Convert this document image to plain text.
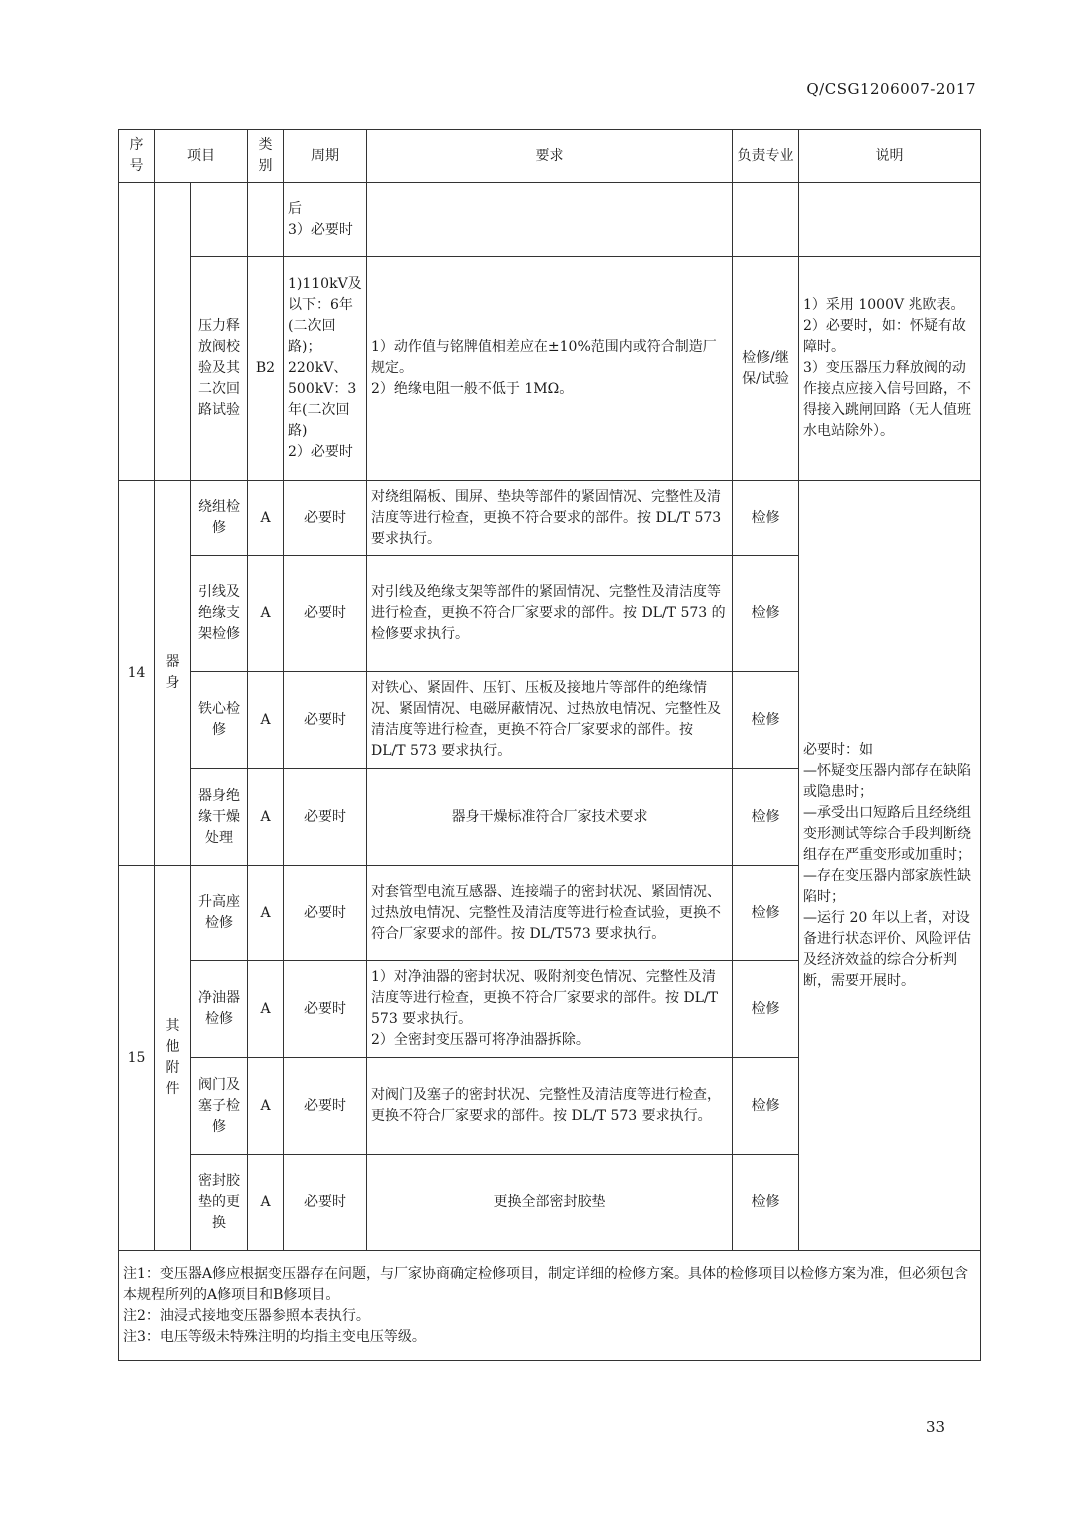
Q/CSG1206007-2017
序号	项目		类别	周期	要求	负责专业	说明
				后
3）必要时			
		压力释放阀校验及其二次回路试验	B2	1)110kV及以下：6年(二次回路)；220kV、500kV：3年(二次回路)
2）必要时	1）动作值与铭牌值相差应在±10%范围内或符合制造厂规定。
2）绝缘电阻一般不低于 1MΩ。	检修/继保/试验	1）采用 1000V 兆欧表。
2）必要时，如：怀疑有故障时。
3）变压器压力释放阀的动作接点应接入信号回路，不得接入跳闸回路（无人值班水电站除外）。
14	器身	绕组检修	A	必要时	对绕组隔板、围屏、垫块等部件的紧固情况、完整性及清洁度等进行检查，更换不符合要求的部件。按 DL/T 573 要求执行。	检修	必要时：如
—怀疑变压器内部存在缺陷或隐患时；
—承受出口短路后且经绕组变形测试等综合手段判断绕组存在严重变形或加重时；
—存在变压器内部家族性缺陷时；
—运行 20 年以上者，对设备进行状态评价、风险评估及经济效益的综合分析判断，需要开展时。
		引线及绝缘支架检修	A	必要时	对引线及绝缘支架等部件的紧固情况、完整性及清洁度等进行检查，更换不符合厂家要求的部件。按 DL/T 573 的检修要求执行。	检修	
		铁心检修	A	必要时	对铁心、紧固件、压钉、压板及接地片等部件的绝缘情况、紧固情况、电磁屏蔽情况、过热放电情况、完整性及清洁度等进行检查，更换不符合厂家要求的部件。按 DL/T 573 要求执行。	检修	
		器身绝缘干燥处理	A	必要时	器身干燥标准符合厂家技术要求	检修	
15	其他附件	升高座检修	A	必要时	对套管型电流互感器、连接端子的密封状况、紧固情况、过热放电情况、完整性及清洁度等进行检查试验，更换不符合厂家要求的部件。按 DL/T573 要求执行。	检修	
		净油器检修	A	必要时	1）对净油器的密封状况、吸附剂变色情况、完整性及清洁度等进行检查，更换不符合厂家要求的部件。按 DL/T 573 要求执行。
2）全密封变压器可将净油器拆除。	检修	
		阀门及塞子检修	A	必要时	对阀门及塞子的密封状况、完整性及清洁度等进行检查，更换不符合厂家要求的部件。按 DL/T 573 要求执行。	检修	
		密封胶垫的更换	A	必要时	更换全部密封胶垫	检修	

注1：变压器A修应根据变压器存在问题，与厂家协商确定检修项目，制定详细的检修方案。具体的检修项目以检修方案为准，但必须包含本规程所列的A修项目和B修项目。
注2：油浸式接地变压器参照本表执行。
注3：电压等级未特殊注明的均指主变电压等级。							
33
